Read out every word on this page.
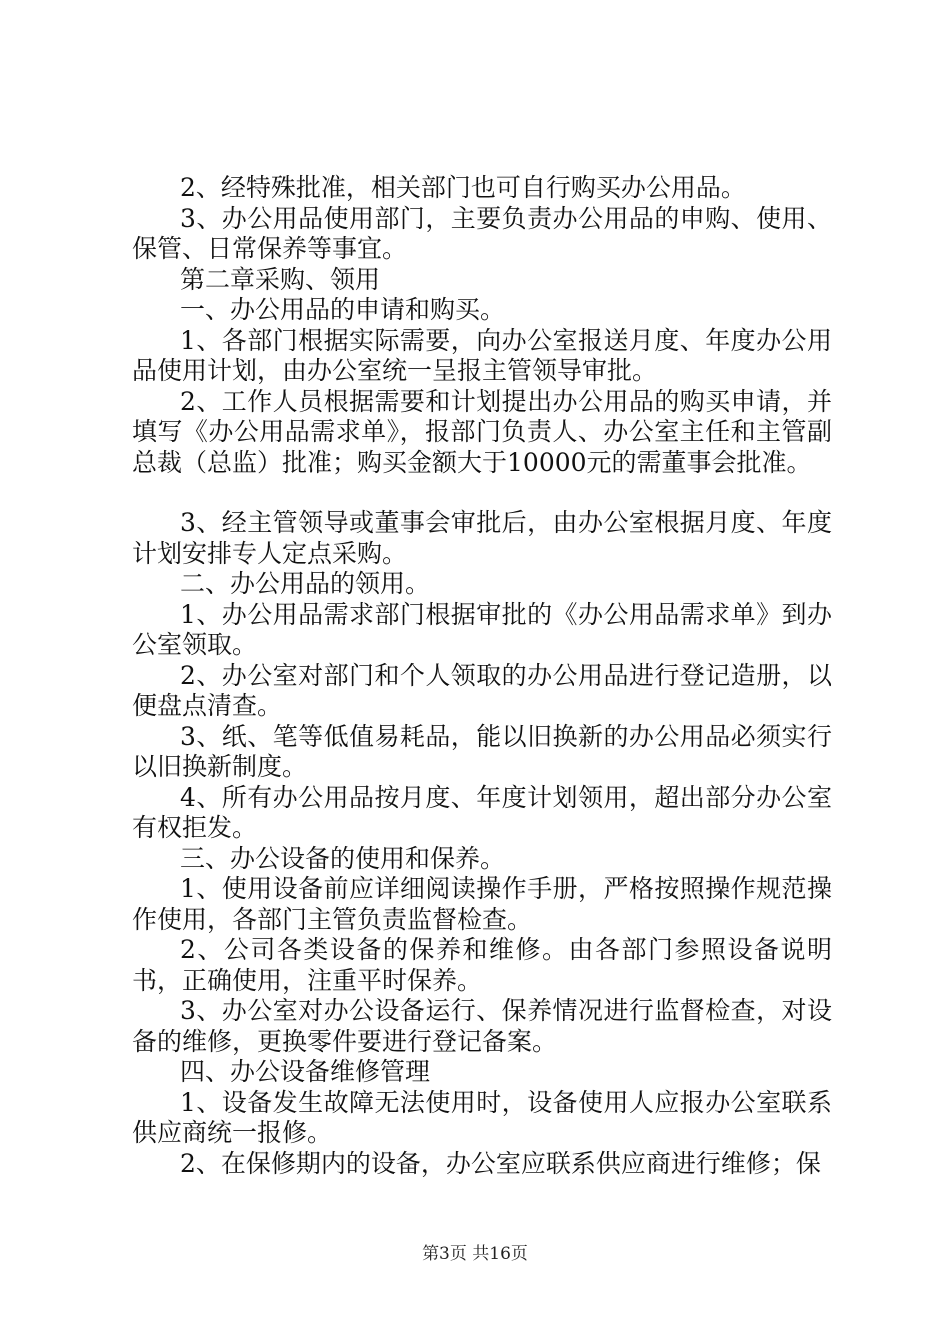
2、经特殊批准，相关部门也可自行购买办公用品。

3、办公用品使用部门，主要负责办公用品的申购、使用、保管、日常保养等事宜。

第二章采购、领用

一、办公用品的申请和购买。

1、各部门根据实际需要，向办公室报送月度、年度办公用品使用计划，由办公室统一呈报主管领导审批。

2、工作人员根据需要和计划提出办公用品的购买申请，并填写《办公用品需求单》，报部门负责人、办公室主任和主管副总裁（总监）批准；购买金额大于10000元的需董事会批准。

3、经主管领导或董事会审批后，由办公室根据月度、年度计划安排专人定点采购。

二、办公用品的领用。

1、办公用品需求部门根据审批的《办公用品需求单》到办公室领取。

2、办公室对部门和个人领取的办公用品进行登记造册，以便盘点清查。

3、纸、笔等低值易耗品，能以旧换新的办公用品必须实行以旧换新制度。

4、所有办公用品按月度、年度计划领用，超出部分办公室有权拒发。

三、办公设备的使用和保养。

1、使用设备前应详细阅读操作手册，严格按照操作规范操作使用，各部门主管负责监督检查。

2、公司各类设备的保养和维修。由各部门参照设备说明书，正确使用，注重平时保养。

3、办公室对办公设备运行、保养情况进行监督检查，对设备的维修，更换零件要进行登记备案。

四、办公设备维修管理

1、设备发生故障无法使用时，设备使用人应报办公室联系供应商统一报修。

2、在保修期内的设备，办公室应联系供应商进行维修；保

第3页 共16页
